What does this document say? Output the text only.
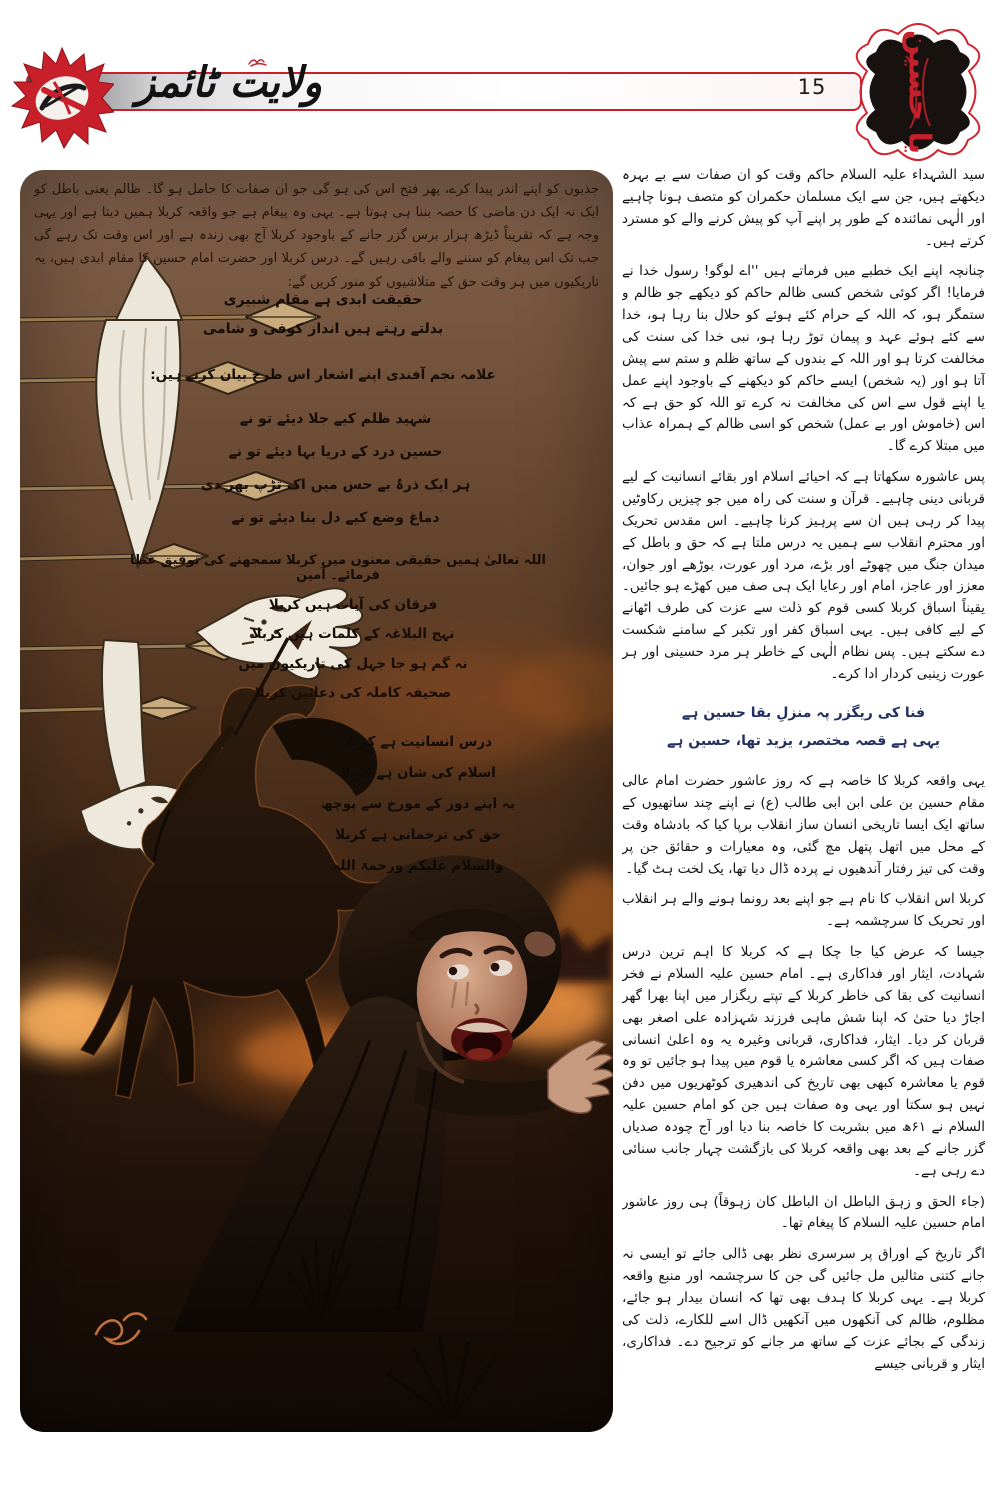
ولایت ٹائمز	15	یا حسین

سید الشہداء علیہ السلام حاکم وقت کو ان صفات سے بے بہرہ دیکھتے ہیں، جن سے ایک مسلمان حکمران کو متصف ہونا چاہیے اور الٰہی نمائندہ کے طور پر اپنے آپ کو پیش کرنے والے کو مسترد کرتے ہیں۔

چنانچہ اپنے ایک خطبے میں فرماتے ہیں ''اے لوگو! رسول خدا نے فرمایا! اگر کوئی شخص کسی ظالم حاکم کو دیکھے جو ظالم و ستمگر ہو، کہ اللہ کے حرام کئے ہوئے کو حلال بنا رہا ہو، خدا سے کئے ہوئے عہد و پیمان توڑ رہا ہو، نبی خدا کی سنت کی مخالفت کرتا ہو اور اللہ کے بندوں کے ساتھ ظلم و ستم سے پیش آتا ہو اور (یہ شخص) ایسے حاکم کو دیکھنے کے باوجود اپنے عمل یا اپنے قول سے اس کی مخالفت نہ کرے تو اللہ کو حق ہے کہ اس (خاموش اور بے عمل) شخص کو اسی ظالم کے ہمراہ عذاب میں مبتلا کرے گا۔

پس عاشورہ سکھاتا ہے کہ احیائے اسلام اور بقائے انسانیت کے لیے قربانی دینی چاہیے۔ قرآن و سنت کی راہ میں جو چیزیں رکاوٹیں پیدا کر رہی ہیں ان سے پرہیز کرنا چاہیے۔ اس مقدس تحریک اور محترم انقلاب سے ہمیں یہ درس ملتا ہے کہ حق و باطل کے میدان جنگ میں چھوٹے اور بڑے، مرد اور عورت، بوڑھے اور جوان، معزز اور عاجز، امام اور رعایا ایک ہی صف میں کھڑے ہو جائیں۔ یقیناً اسباق کربلا کسی قوم کو ذلت سے عزت کی طرف اٹھانے کے لیے کافی ہیں۔ یہی اسباق کفر اور تکبر کے سامنے شکست دے سکتے ہیں۔ پس نظام الٰہی کے خاطر ہر مرد حسینی اور ہر عورت زینبی کردار ادا کرے۔

فنا کی ریگزر پہ منزلِ بقا حسین ہے
یہی ہے قصہ مختصر، یزید تھا، حسین ہے

یہی واقعہ کربلا کا خاصہ ہے کہ روز عاشور حضرت امام عالی مقام حسین بن علی ابن ابی طالب (ع) نے اپنے چند ساتھیوں کے ساتھ ایک ایسا تاریخی انسان ساز انقلاب برپا کیا کہ بادشاہ وقت کے محل میں اتھل پتھل مچ گئی، وہ معیارات و حقائق جن پر وقت کی تیز رفتار آندھیوں نے پردہ ڈال دیا تھا، یک لخت ہٹ گیا۔

کربلا اس انقلاب کا نام ہے جو اپنے بعد رونما ہونے والے ہر انقلاب اور تحریک کا سرچشمہ ہے۔

جیسا کہ عرض کیا جا چکا ہے کہ کربلا کا اہم ترین درس شہادت، ایثار اور فداکاری ہے۔ امام حسین علیہ السلام نے فخر انسانیت کی بقا کی خاطر کربلا کے تپتے ریگزار میں اپنا بھرا گھر اجاڑ دیا حتیٰ کہ اپنا شش ماہی فرزند شہزادہ علی اصغر بھی قربان کر دیا۔ ایثار، فداکاری، قربانی وغیرہ یہ وہ اعلیٰ انسانی صفات ہیں کہ اگر کسی معاشرہ یا قوم میں پیدا ہو جائیں تو وہ قوم یا معاشرہ کبھی بھی تاریخ کی اندھیری کوٹھریوں میں دفن نہیں ہو سکتا اور یہی وہ صفات ہیں جن کو امام حسین علیہ السلام نے ۶۱ھ میں بشریت کا خاصہ بنا دیا اور آج چودہ صدیاں گزر جانے کے بعد بھی واقعہ کربلا کی بازگشت چہار جانب سنائی دے رہی ہے۔

(جاء الحق و زہق الباطل ان الباطل کان زہوقاً) ہی روز عاشور امام حسین علیہ السلام کا پیغام تھا۔

اگر تاریخ کے اوراق پر سرسری نظر بھی ڈالی جائے تو ایسی نہ جانے کتنی مثالیں مل جائیں گی جن کا سرچشمہ اور منبع واقعہ کربلا ہے۔ یہی کربلا کا ہدف بھی تھا کہ انسان بیدار ہو جائے، مظلوم، ظالم کی آنکھوں میں آنکھیں ڈال اسے للکارے، ذلت کی زندگی کے بجائے عزت کے ساتھ مر جانے کو ترجیح دے۔ فداکاری، ایثار و قربانی جیسے

جذبوں کو اپنے اندر پیدا کرے، پھر فتح اس کی ہو گی جو ان صفات کا حامل ہو گا۔ ظالم یعنی باطل کو ایک نہ ایک دن ماضی کا حصہ بننا ہی ہوتا ہے۔ یہی وہ پیغام ہے جو واقعہ کربلا ہمیں دیتا ہے اور یہی وجہ ہے کہ تقریباً ڈیڑھ ہزار برس گزر جانے کے باوجود کربلا آج بھی زندہ ہے اور اس وقت تک رہے گی جب تک اس پیغام کو سننے والے باقی رہیں گے۔ درس کربلا اور حضرت امام حسین کا مقام ابدی ہیں، یہ تاریکیوں میں ہر وقت حق کے متلاشیوں کو منور کریں گے:
حقیقت ابدی ہے مقام شبیری
بدلتے رہتے ہیں انداز کوفی و شامی
علامہ نجم آفندی اپنے اشعار اس طرح بیان کرتے ہیں:
شہید ظلم کیے جلا دیئے تو نے
حسین درد کے دریا بہا دیئے تو نے
ہر ایک ذرۂ بے حس میں اک تڑپ بھر دی
دماغ وضع کیے دل بنا دیئے تو نے
اللہ تعالیٰ ہمیں حقیقی معنوں میں کربلا سمجھنے کی توفیق عطا فرمائے۔ آمین
فرقان کی آیات ہیں کربلا
نہج البلاغہ کے کلمات ہیں کربلا
نہ گم ہو جا جہل کی تاریکیوں میں
صحیفہ کاملہ کی دعائیں کربلا
درس انسانیت ہے کربلا
اسلام کی شان ہے کربلا
یہ اپنے دور کے مورخ سے پوچھ
حق کی ترجمانی ہے کربلا
والسلام علیکم ورحمۃ اللہ
